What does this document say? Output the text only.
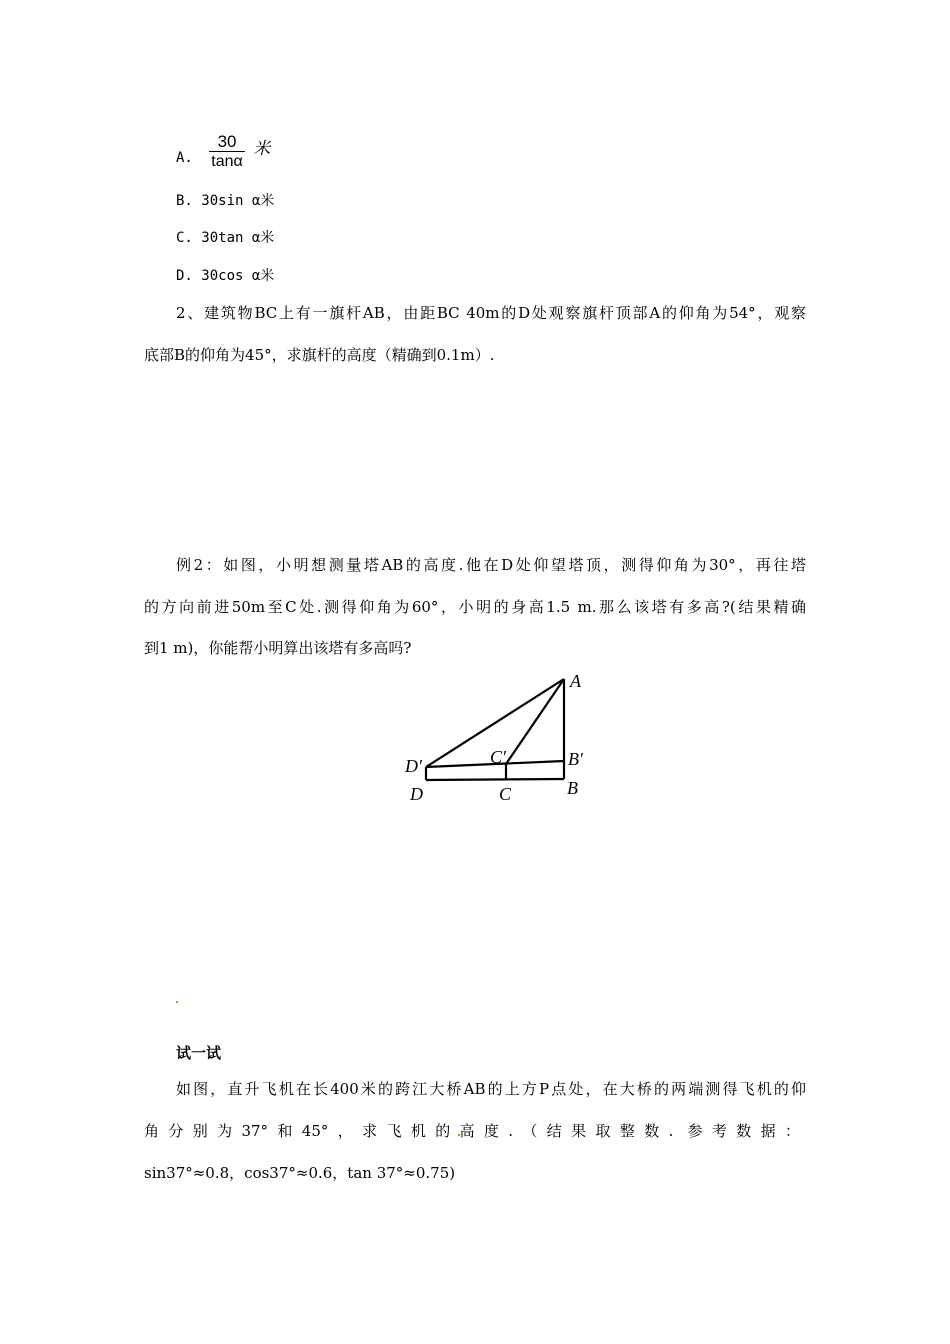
A. $\frac{30}{\tan\alpha}$ 米
B. 30sin α米
C. 30tan α米
D. 30cos α米
2、建筑物BC上有一旗杆AB，由距BC 40m的D处观察旗杆顶部A的仰角为54°，观察
底部B的仰角为45°，求旗杆的高度（精确到0.1m）.
例2：如图，小明想测量塔AB的高度.他在D处仰望塔顶，测得仰角为30°，再往塔
的方向前进50m至C处.测得仰角为60°，小明的身高1.5 m.那么该塔有多高?(结果精确
到1 m)，你能帮小明算出该塔有多高吗?
A
B′
B
C′
C
D′
D
试一试
如图，直升飞机在长400米的跨江大桥AB的上方P点处，在大桥的两端测得飞机的仰
角分别为37°和45°，求飞机的高度.（结果取整数. 参考数据：
sin37°≈0.8，cos37°≈0.6，tan 37°≈0.75)
